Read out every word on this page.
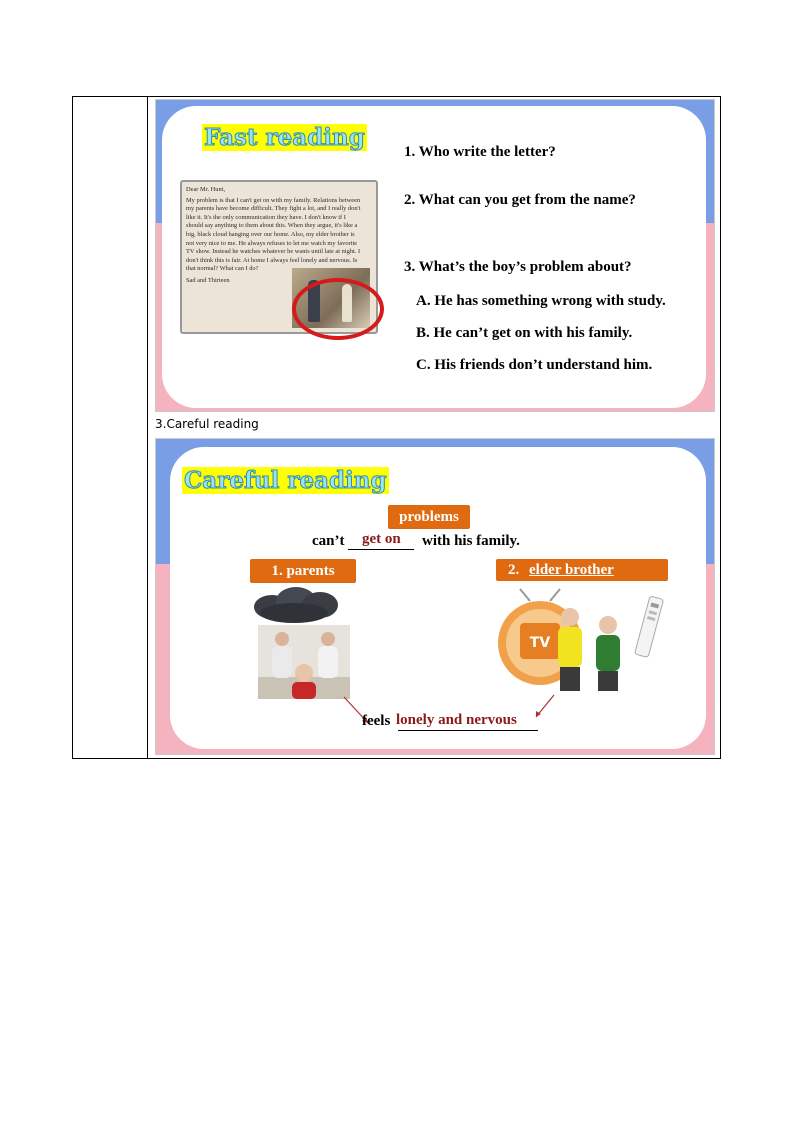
Fast reading

Dear Mr. Hunt,

My problem is that I can't get on with my family. Relations between my parents have become difficult. They fight a lot, and I really don't like it. It's the only communication they have. I don't know if I should say anything to them about this. When they argue, it's like a big, black cloud hanging over our home. Also, my elder brother is not very nice to me. He always refuses to let me watch my favorite TV show. Instead he watches whatever he wants until late at night. I don't think this is fair. At home I always feel lonely and nervous. Is that normal? What can I do?

Sad and Thirteen

1. Who write the letter?
2. What can you get from the name?
3. What’s the boy’s problem about?
A. He has something wrong with study.
B. He can’t get on with his family.
C. His friends don’t understand him.
3.Careful reading
Careful reading
problems
can’t get on with his family.
1. parents	2. elder brother
TV
feels lonely and nervous
